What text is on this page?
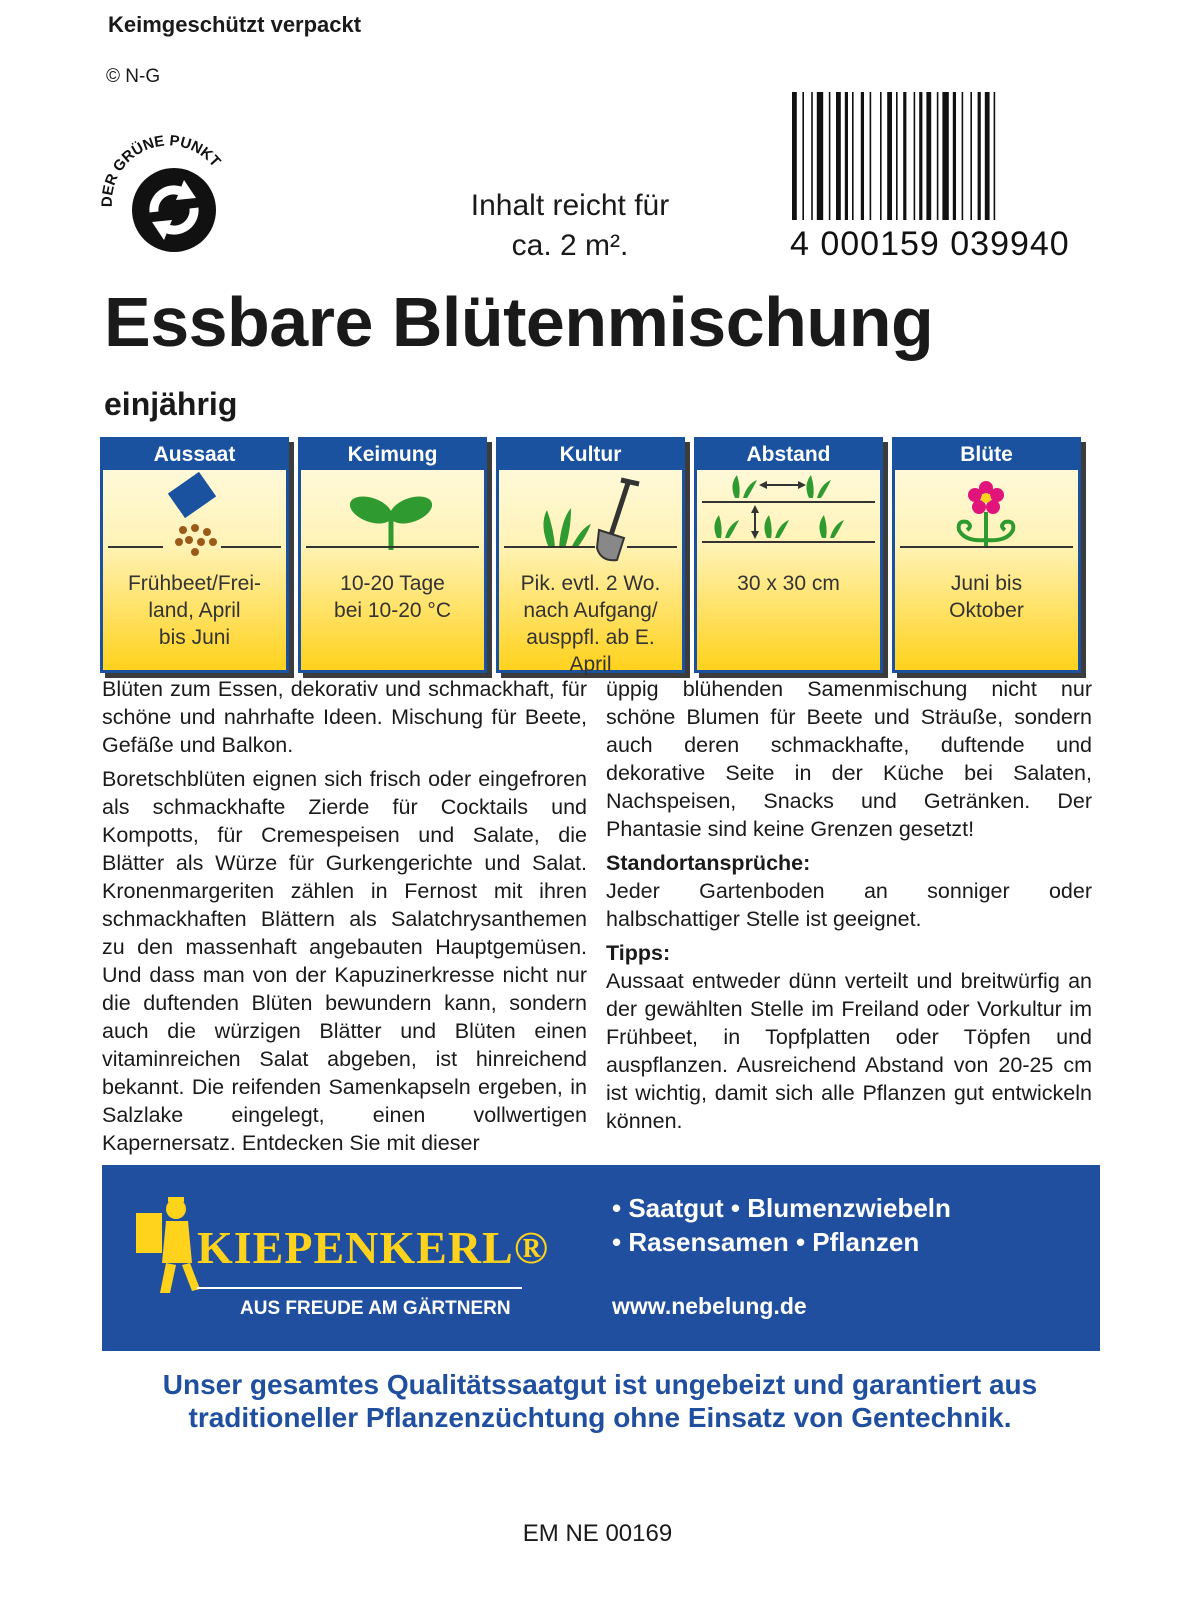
Keimgeschützt verpackt
© N-G
DER GRÜNE PUNKT
Inhalt reicht für
ca. 2 m².	4 000159 039940
Essbare Blütenmischung
einjährig
Aussaat
Frühbeet/Frei-
land, April
bis Juni
Keimung
10-20 Tage
bei 10-20 °C
Kultur
Pik. evtl. 2 Wo.
nach Aufgang/
ausppfl. ab E. April
Abstand
30 x 30 cm
Blüte
Juni bis
Oktober

Blüten zum Essen, dekorativ und schmackhaft, für schöne und nahrhafte Ideen. Mischung für Beete, Gefäße und Balkon.

Boretschblüten eignen sich frisch oder eingefroren als schmackhafte Zierde für Cocktails und Kompotts, für Cremespeisen und Salate, die Blätter als Würze für Gurkengerichte und Salat. Kronenmargeriten zählen in Fernost mit ihren schmackhaften Blättern als Salatchrysanthemen zu den massenhaft angebauten Hauptgemüsen. Und dass man von der Kapuzinerkresse nicht nur die duftenden Blüten bewundern kann, sondern auch die würzigen Blätter und Blüten einen vitaminreichen Salat abgeben, ist hinreichend bekannt. Die reifenden Samenkapseln ergeben, in Salzlake eingelegt, einen vollwertigen Kapernersatz. Entdecken Sie mit dieser

üppig blühenden Samenmischung nicht nur schöne Blumen für Beete und Sträuße, sondern auch deren schmackhafte, duftende und dekorative Seite in der Küche bei Salaten, Nachspeisen, Snacks und Getränken. Der Phantasie sind keine Grenzen gesetzt!

Standortansprüche:

Jeder Gartenboden an sonniger oder halbschattiger Stelle ist geeignet.

Tipps:

Aussaat entweder dünn verteilt und breitwürfig an der gewählten Stelle im Freiland oder Vorkultur im Frühbeet, in Topfplatten oder Töpfen und auspflanzen. Ausreichend Abstand von 20-25 cm ist wichtig, damit sich alle Pflanzen gut entwickeln können.

KIEPENKERL®
AUS FREUDE AM GÄRTNERN
• Saatgut • Blumenzwiebeln
• Rasensamen • Pflanzen
www.nebelung.de
Unser gesamtes Qualitätssaatgut ist ungebeizt und garantiert aus
traditioneller Pflanzenzüchtung ohne Einsatz von Gentechnik.
EM NE 00169
